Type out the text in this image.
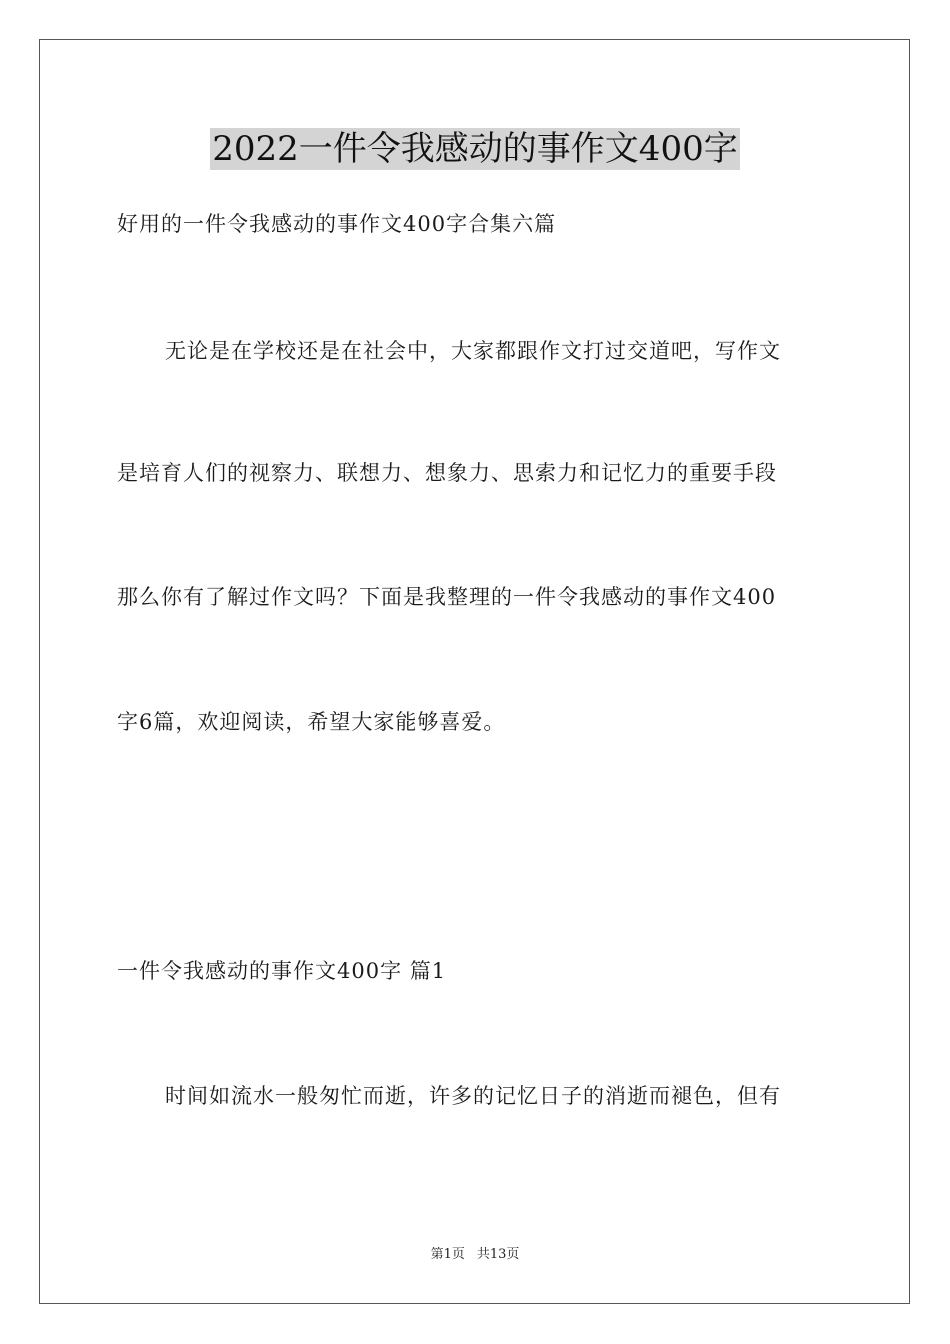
2022一件令我感动的事作文400字
好用的一件令我感动的事作文400字合集六篇
无论是在学校还是在社会中，大家都跟作文打过交道吧，写作文
是培育人们的视察力、联想力、想象力、思索力和记忆力的重要手段
那么你有了解过作文吗？下面是我整理的一件令我感动的事作文400
字6篇，欢迎阅读，希望大家能够喜爱。
一件令我感动的事作文400字 篇1
时间如流水一般匆忙而逝，许多的记忆日子的消逝而褪色，但有
第1页 共13页
